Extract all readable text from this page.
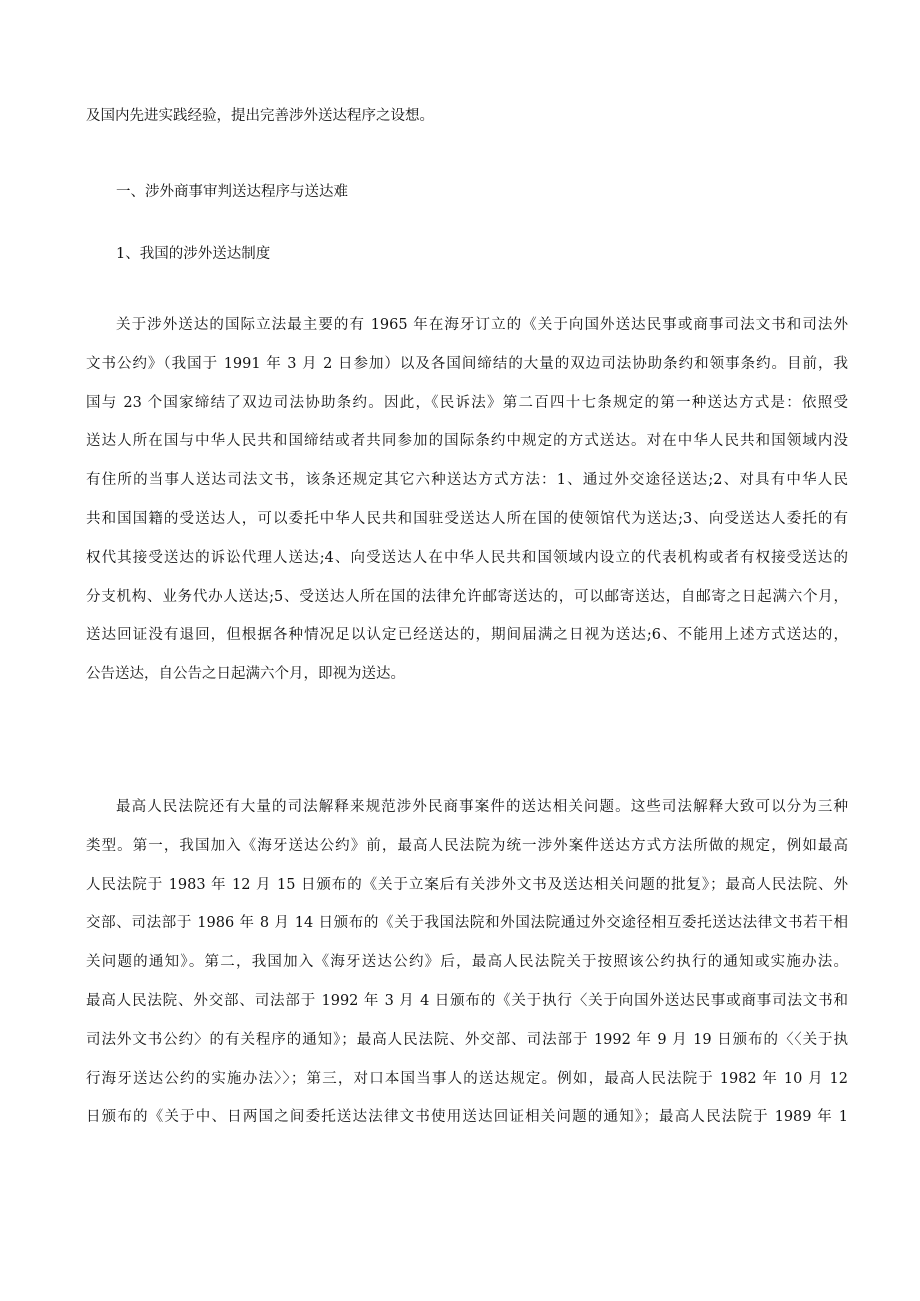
及国内先进实践经验，提出完善涉外送达程序之设想。
一、涉外商事审判送达程序与送达难
1、我国的涉外送达制度
关于涉外送达的国际立法最主要的有 1965 年在海牙订立的《关于向国外送达民事或商事司法文书和司法外
文书公约》（我国于 1991 年 3 月 2 日参加）以及各国间缔结的大量的双边司法协助条约和领事条约。目前，我
国与 23 个国家缔结了双边司法协助条约。因此，《民诉法》第二百四十七条规定的第一种送达方式是：依照受
送达人所在国与中华人民共和国缔结或者共同参加的国际条约中规定的方式送达。对在中华人民共和国领域内没
有住所的当事人送达司法文书，该条还规定其它六种送达方式方法：1、通过外交途径送达;2、对具有中华人民
共和国国籍的受送达人，可以委托中华人民共和国驻受送达人所在国的使领馆代为送达;3、向受送达人委托的有
权代其接受送达的诉讼代理人送达;4、向受送达人在中华人民共和国领域内设立的代表机构或者有权接受送达的
分支机构、业务代办人送达;5、受送达人所在国的法律允许邮寄送达的，可以邮寄送达，自邮寄之日起满六个月，
送达回证没有退回，但根据各种情况足以认定已经送达的，期间届满之日视为送达;6、不能用上述方式送达的，
公告送达，自公告之日起满六个月，即视为送达。
最高人民法院还有大量的司法解释来规范涉外民商事案件的送达相关问题。这些司法解释大致可以分为三种
类型。第一，我国加入《海牙送达公约》前，最高人民法院为统一涉外案件送达方式方法所做的规定，例如最高
人民法院于 1983 年 12 月 15 日颁布的《关于立案后有关涉外文书及送达相关问题的批复》；最高人民法院、外
交部、司法部于 1986 年 8 月 14 日颁布的《关于我国法院和外国法院通过外交途径相互委托送达法律文书若干相
关问题的通知》。第二，我国加入《海牙送达公约》后，最高人民法院关于按照该公约执行的通知或实施办法。
最高人民法院、外交部、司法部于 1992 年 3 月 4 日颁布的《关于执行〈关于向国外送达民事或商事司法文书和
司法外文书公约〉的有关程序的通知》；最高人民法院、外交部、司法部于 1992 年 9 月 19 日颁布的〈〈关于执
行海牙送达公约的实施办法〉〉；第三，对口本国当事人的送达规定。例如，最高人民法院于 1982 年 10 月 12
日颁布的《关于中、日两国之间委托送达法律文书使用送达回证相关问题的通知》；最高人民法院于 1989 年 1
